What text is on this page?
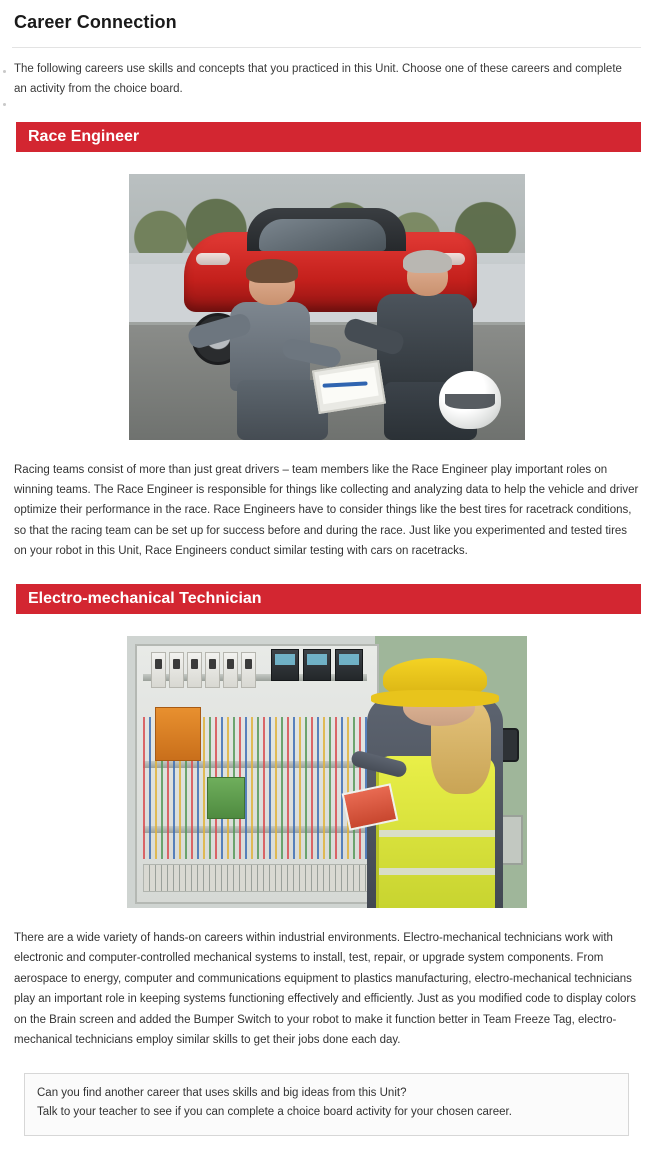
Career Connection

The following careers use skills and concepts that you practiced in this Unit. Choose one of these careers and complete an activity from the choice board.

Race Engineer

Racing teams consist of more than just great drivers – team members like the Race Engineer play important roles on winning teams. The Race Engineer is responsible for things like collecting and analyzing data to help the vehicle and driver optimize their performance in the race. Race Engineers have to consider things like the best tires for racetrack conditions, so that the racing team can be set up for success before and during the race. Just like you experimented and tested tires on your robot in this Unit, Race Engineers conduct similar testing with cars on racetracks.

Electro-mechanical Technician

There are a wide variety of hands-on careers within industrial environments. Electro-mechanical technicians work with electronic and computer-controlled mechanical systems to install, test, repair, or upgrade system components. From aerospace to energy, computer and communications equipment to plastics manufacturing, electro-mechanical technicians play an important role in keeping systems functioning effectively and efficiently. Just as you modified code to display colors on the Brain screen and added the Bumper Switch to your robot to make it function better in Team Freeze Tag, electro-mechanical technicians employ similar skills to get their jobs done each day.

Can you find another career that uses skills and big ideas from this Unit?
Talk to your teacher to see if you can complete a choice board activity for your chosen career.
